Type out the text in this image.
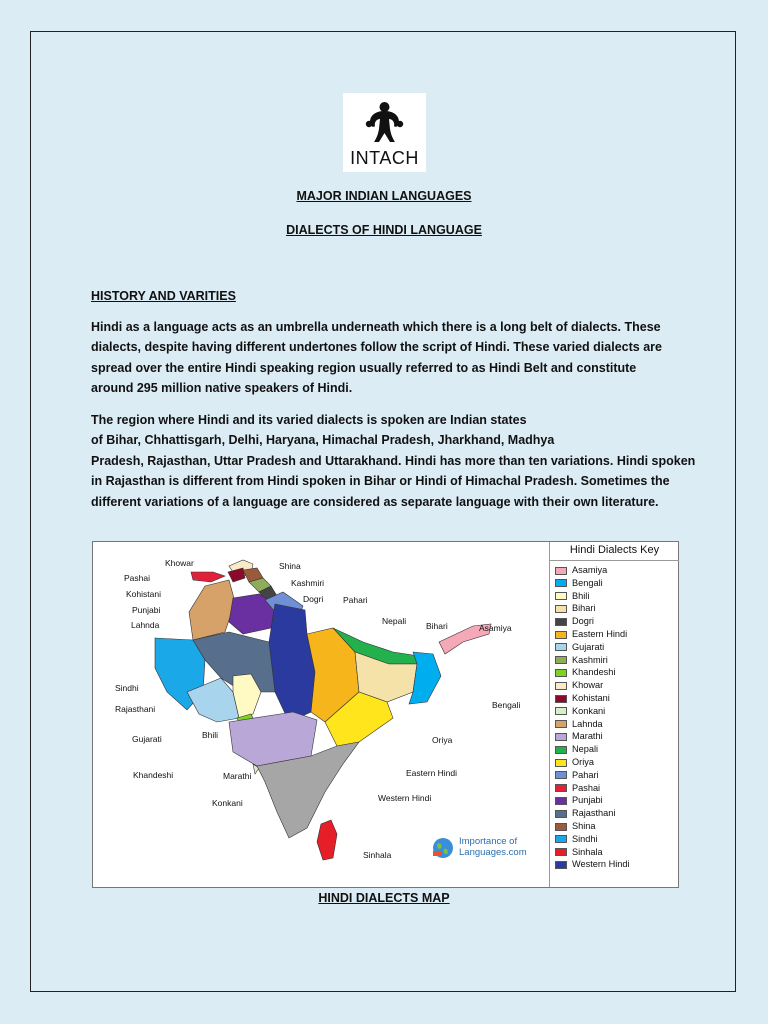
INTACH
MAJOR INDIAN LANGUAGES
DIALECTS OF HINDI LANGUAGE
HISTORY AND VARITIES

Hindi as a language acts as an umbrella underneath which there is a long belt of dialects. These
dialects, despite having different undertones follow the script of Hindi. These varied dialects are
spread over the entire Hindi speaking region usually referred to as Hindi Belt and constitute
around 295 million native speakers of Hindi.

The region where Hindi and its varied dialects is spoken are Indian states
of Bihar, Chhattisgarh, Delhi, Haryana, Himachal Pradesh, Jharkhand, Madhya
Pradesh, Rajasthan, Uttar Pradesh and Uttarakhand. Hindi has more than ten variations. Hindi spoken
in Rajasthan is different from Hindi spoken in Bihar or Hindi of Himachal Pradesh. Sometimes the
different variations of a language are considered as separate language with their own literature.

Khowar	Shina
Pashai	Kashmiri
Kohistani	Dogri Pahari
Punjabi
Lahnda	Nepali Bihari	Asamiya
Sindhi
Bengali
Rajasthani
Bhili
Gujarati	Oriya
Khandeshi	Marathi	Eastern Hindi
Western Hindi
Konkani
Sinhala
Importance of
Languages.com
Hindi Dialects Key
Asamiya
Bengali
Bhili
Bihari
Dogri
Eastern Hindi
Gujarati
Kashmiri
Khandeshi
Khowar
Kohistani
Konkani
Lahnda
Marathi
Nepali
Oriya
Pahari
Pashai
Punjabi
Rajasthani
Shina
Sindhi
Sinhala
Western Hindi
HINDI DIALECTS MAP
